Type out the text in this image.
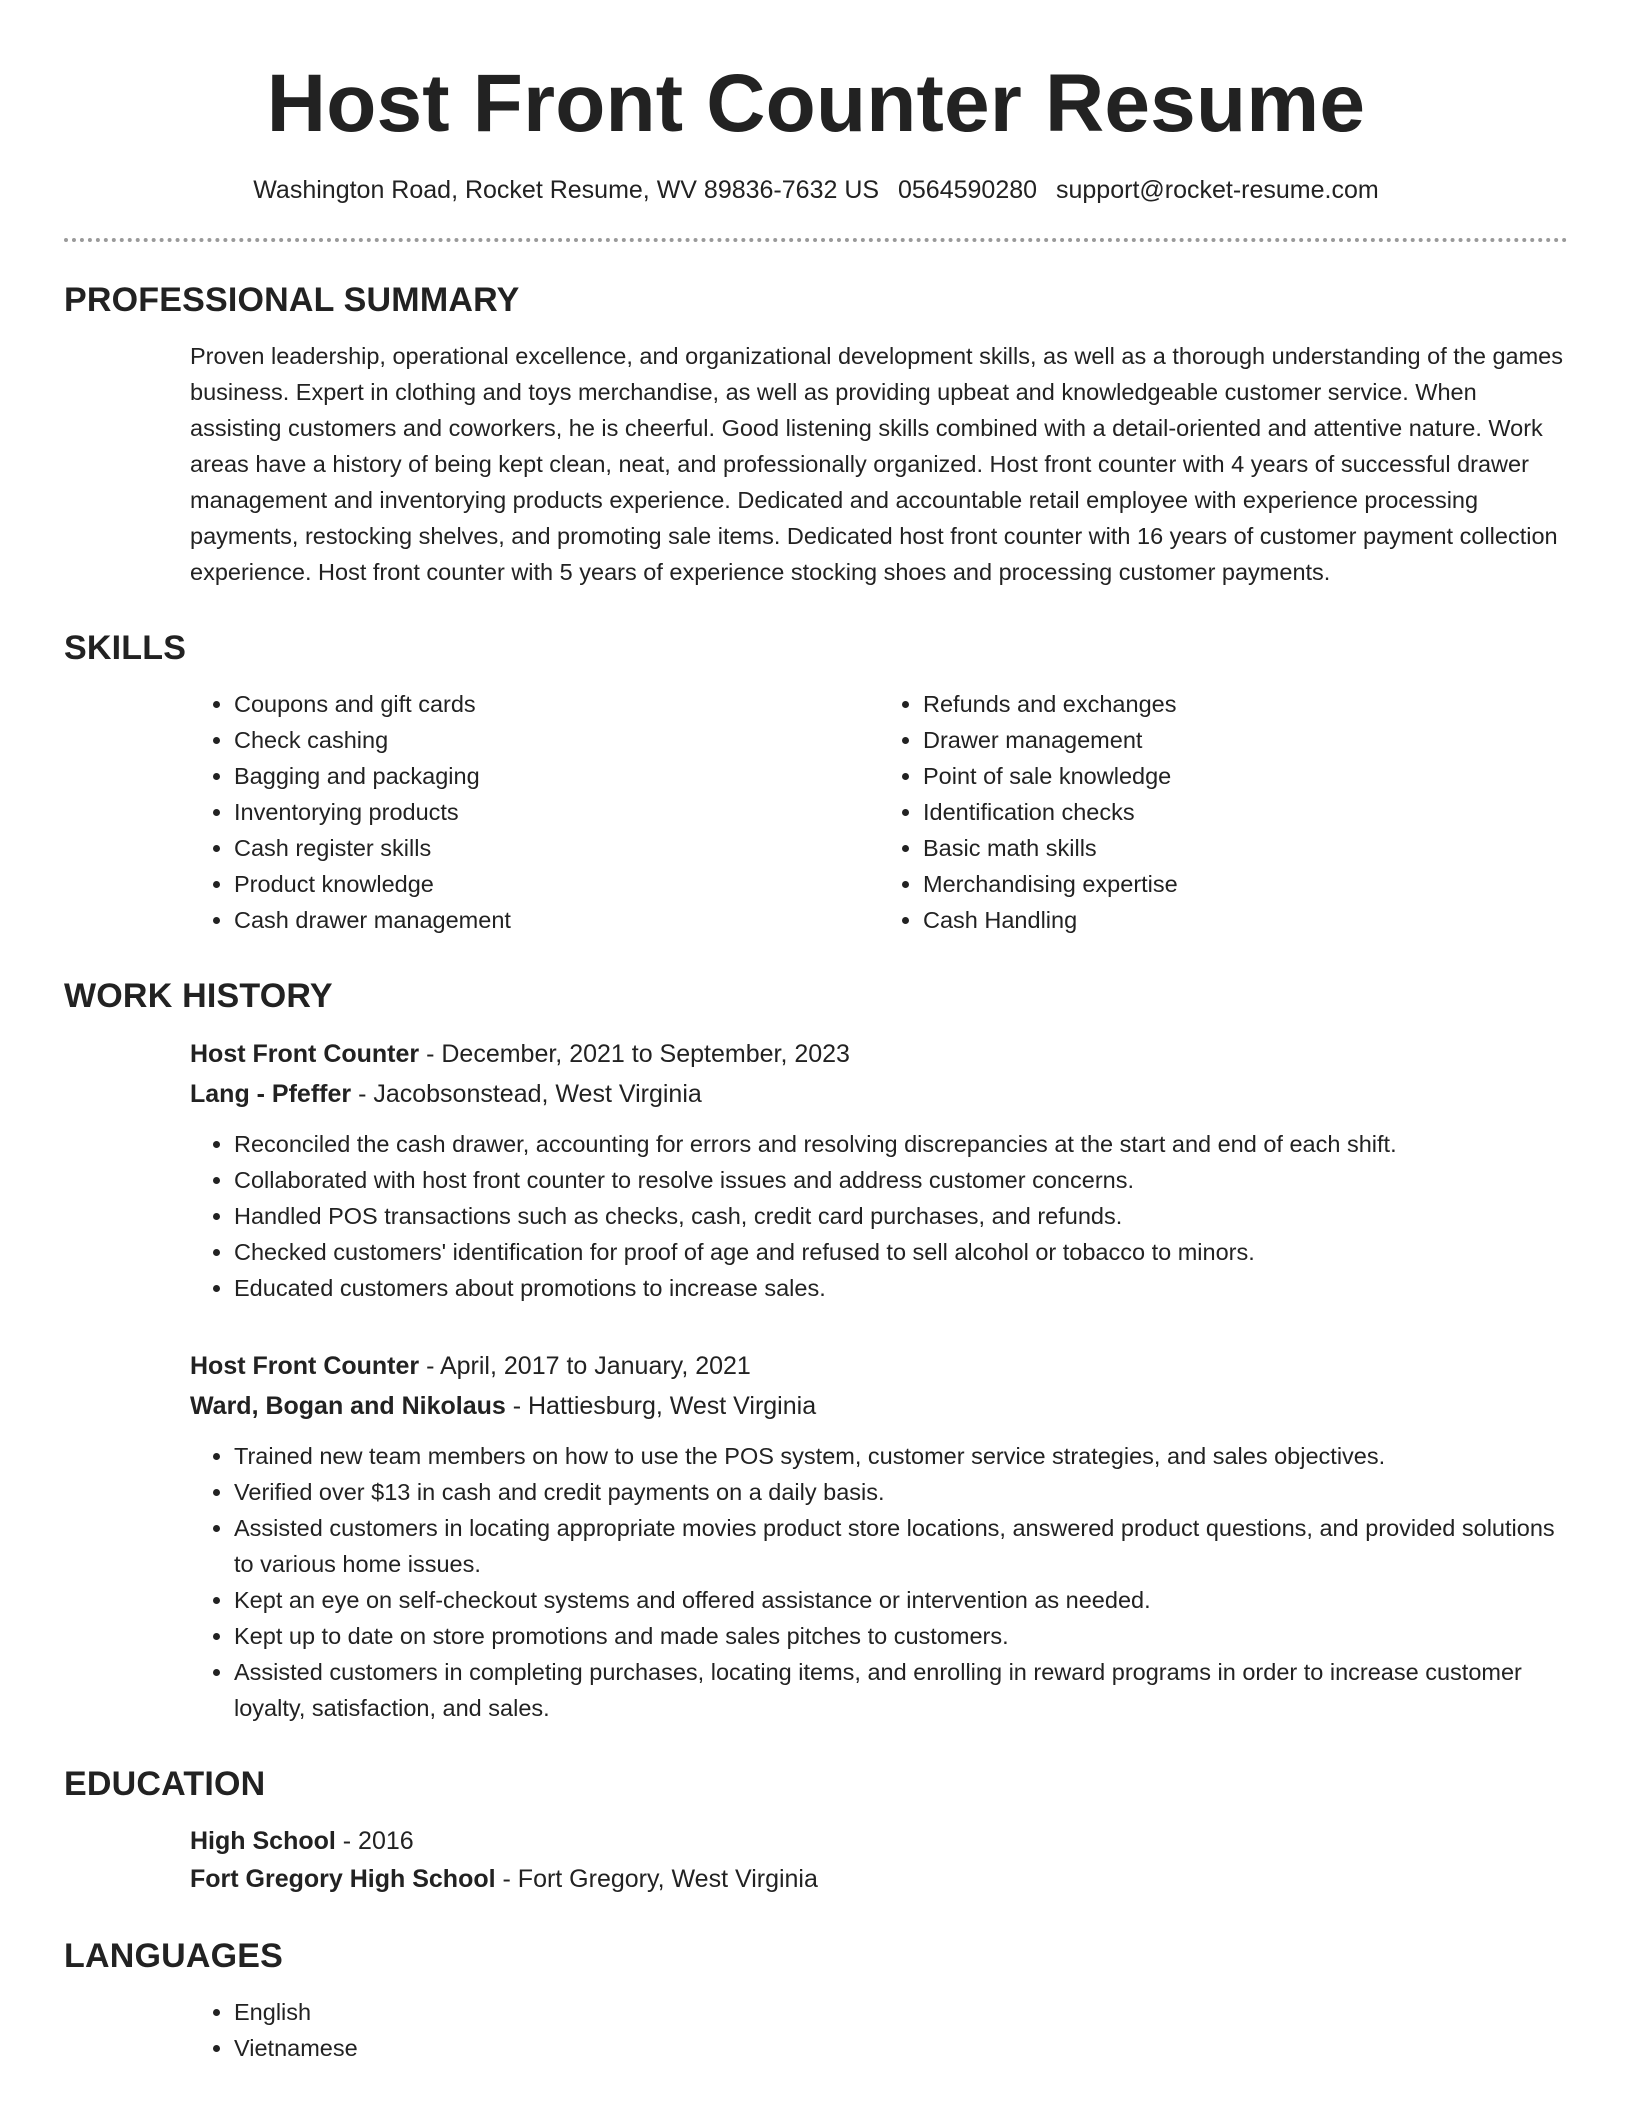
Host Front Counter Resume
Washington Road, Rocket Resume, WV 89836-7632 US 0564590280 support@rocket-resume.com
PROFESSIONAL SUMMARY

Proven leadership, operational excellence, and organizational development skills, as well as a thorough understanding of the games business. Expert in clothing and toys merchandise, as well as providing upbeat and knowledgeable customer service. When assisting customers and coworkers, he is cheerful. Good listening skills combined with a detail-oriented and attentive nature. Work areas have a history of being kept clean, neat, and professionally organized. Host front counter with 4 years of successful drawer management and inventorying products experience. Dedicated and accountable retail employee with experience processing payments, restocking shelves, and promoting sale items. Dedicated host front counter with 16 years of customer payment collection experience. Host front counter with 5 years of experience stocking shoes and processing customer payments.

SKILLS
• Coupons and gift cards
• Check cashing
• Bagging and packaging
• Inventorying products
• Cash register skills
• Product knowledge
• Cash drawer management
• Refunds and exchanges
• Drawer management
• Point of sale knowledge
• Identification checks
• Basic math skills
• Merchandising expertise
• Cash Handling
WORK HISTORY
Host Front Counter - December, 2021 to September, 2023
Lang - Pfeffer - Jacobsonstead, West Virginia
• Reconciled the cash drawer, accounting for errors and resolving discrepancies at the start and end of each shift.
• Collaborated with host front counter to resolve issues and address customer concerns.
• Handled POS transactions such as checks, cash, credit card purchases, and refunds.
• Checked customers' identification for proof of age and refused to sell alcohol or tobacco to minors.
• Educated customers about promotions to increase sales.
Host Front Counter - April, 2017 to January, 2021
Ward, Bogan and Nikolaus - Hattiesburg, West Virginia
• Trained new team members on how to use the POS system, customer service strategies, and sales objectives.
• Verified over $13 in cash and credit payments on a daily basis.
• Assisted customers in locating appropriate movies product store locations, answered product questions, and provided solutions to various home issues.
• Kept an eye on self-checkout systems and offered assistance or intervention as needed.
• Kept up to date on store promotions and made sales pitches to customers.
• Assisted customers in completing purchases, locating items, and enrolling in reward programs in order to increase customer loyalty, satisfaction, and sales.
EDUCATION
High School - 2016
Fort Gregory High School - Fort Gregory, West Virginia
LANGUAGES
• English
• Vietnamese
